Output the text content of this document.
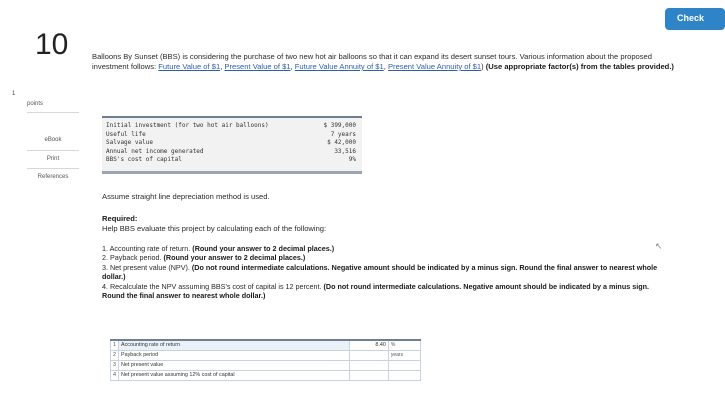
Check
10
1
points
eBook
Print
References

Balloons By Sunset (BBS) is considering the purchase of two new hot air balloons so that it can expand its desert sunset tours. Various information about the proposed investment follows: Future Value of $1, Present Value of $1, Future Value Annuity of $1, Present Value Annuity of $1) (Use appropriate factor(s) from the tables provided.)

Initial investment (for two hot air balloons)	$ 399,000
Useful life	7 years
Salvage value	$ 42,000
Annual net income generated	33,516
BBS's cost of capital	9%
Assume straight line depreciation method is used.
Required:
Help BBS evaluate this project by calculating each of the following:
1. Accounting rate of return. (Round your answer to 2 decimal places.)
2. Payback period. (Round your answer to 2 decimal places.)
3. Net present value (NPV). (Do not round intermediate calculations. Negative amount should be indicated by a minus sign. Round the final answer to nearest whole dollar.)
4. Recalculate the NPV assuming BBS's cost of capital is 12 percent. (Do not round intermediate calculations. Negative amount should be indicated by a minus sign. Round the final answer to nearest whole dollar.)
↖
1	Accounting rate of return	8.40	%
2	Payback period		years
3	Net present value		
4	Net present value assuming 12% cost of capital		
